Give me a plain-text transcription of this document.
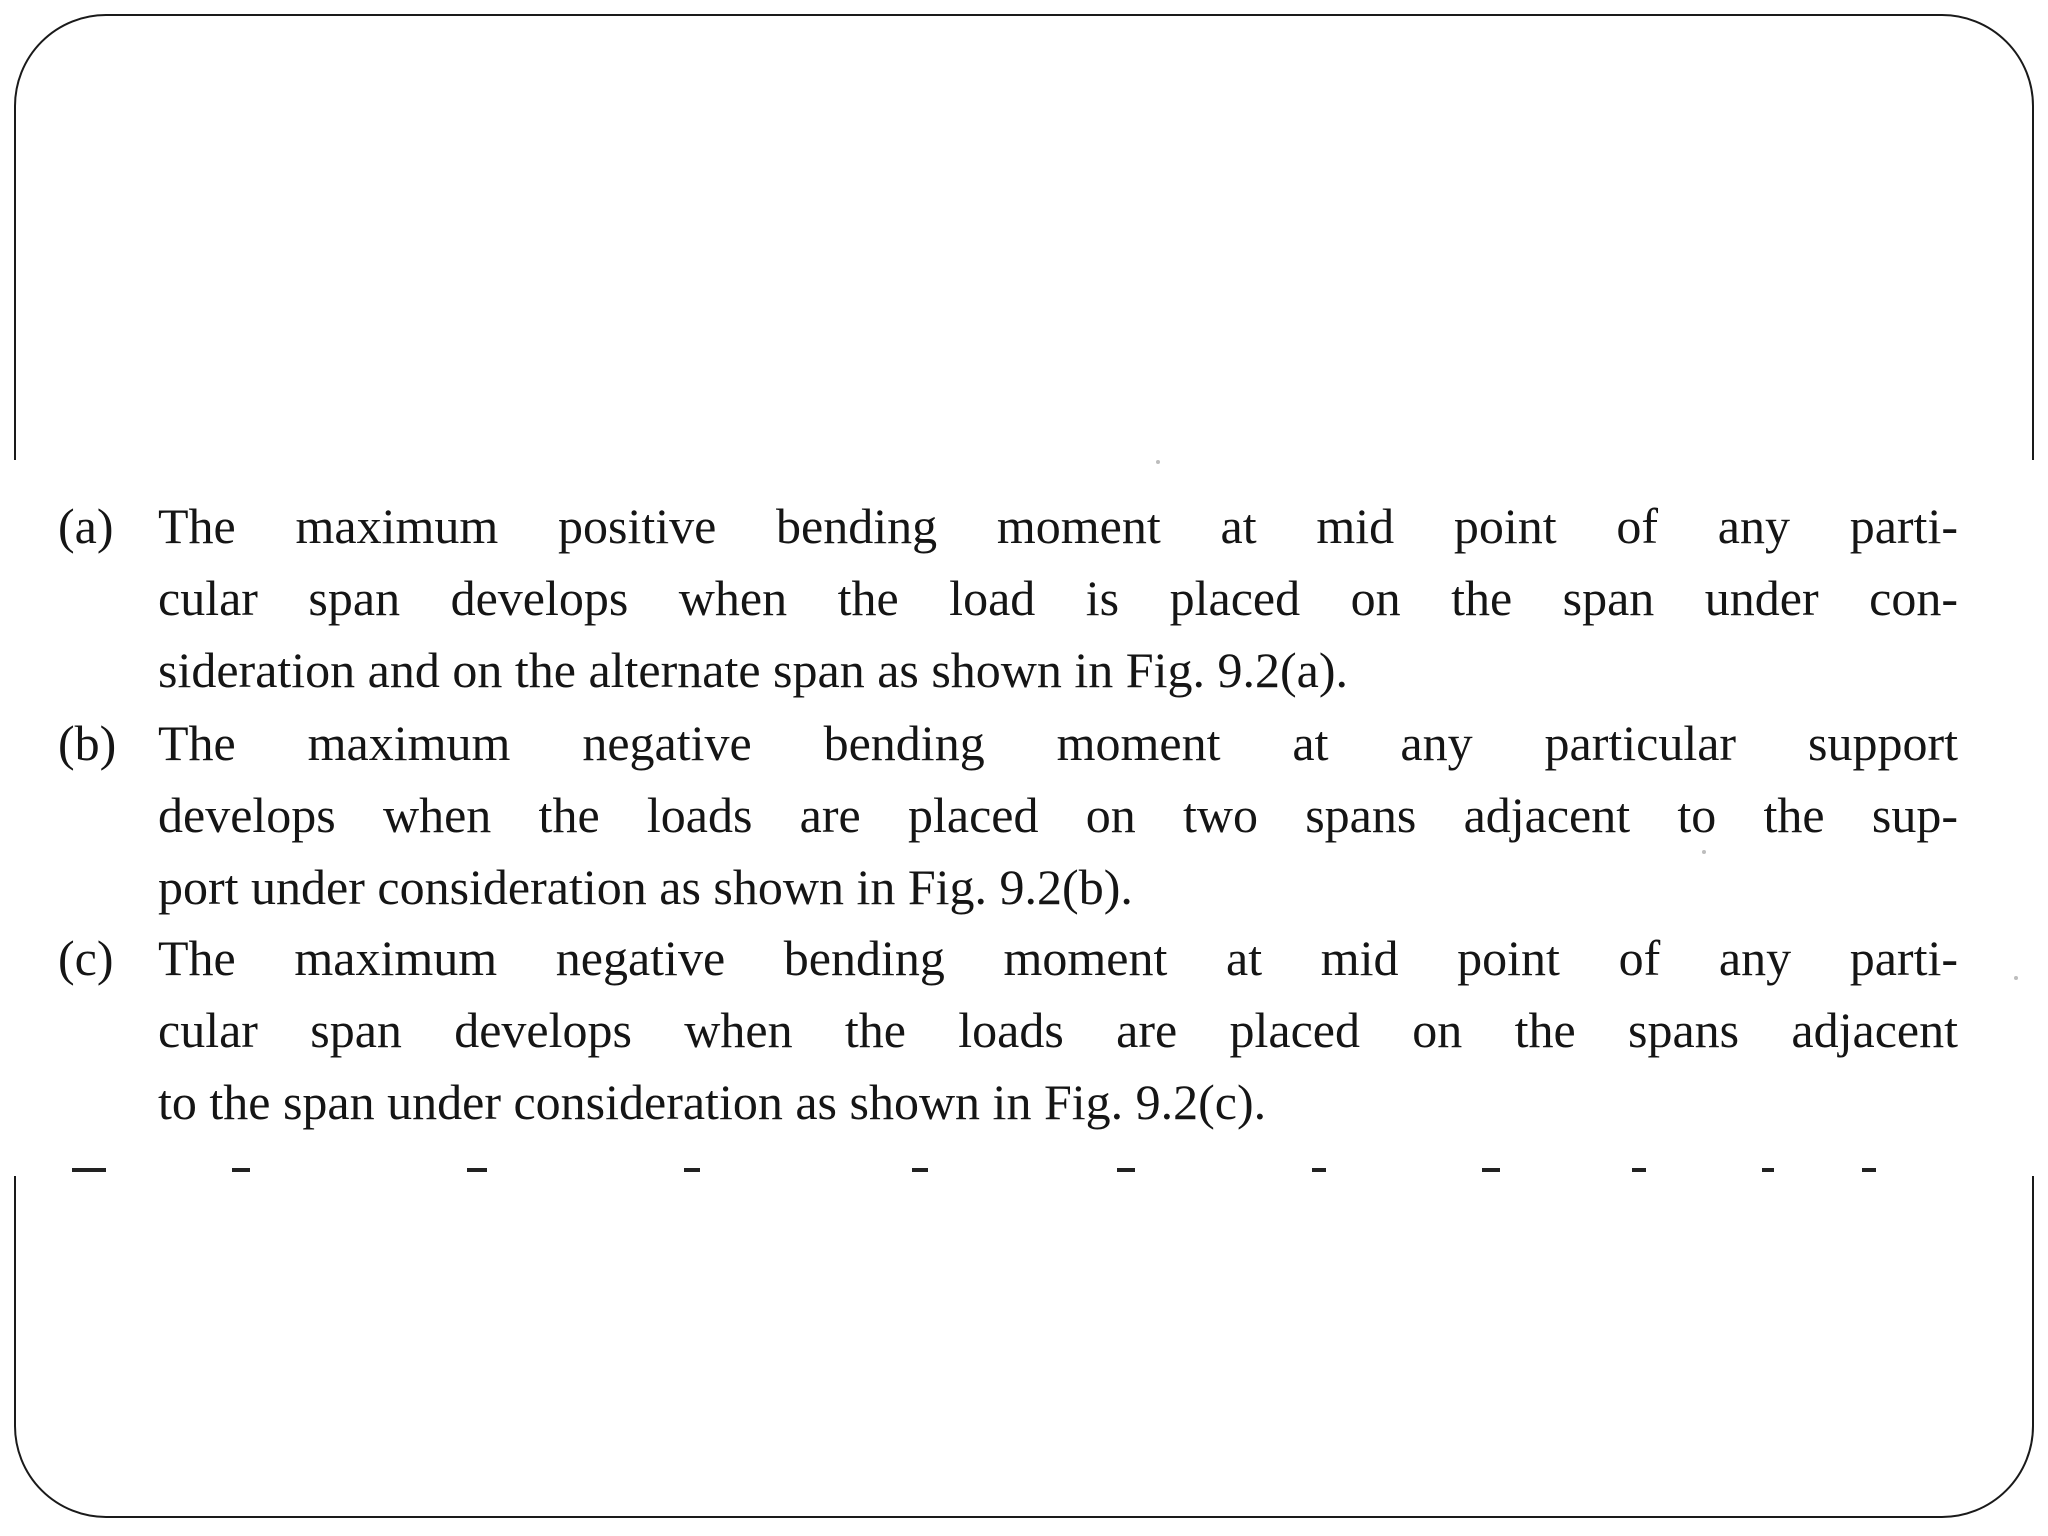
(a) The maximum positive bending moment at mid point of any parti-
cular span develops when the load is placed on the span under con-
sideration and on the alternate span as shown in Fig. 9.2(a).
(b) The maximum negative bending moment at any particular support
develops when the loads are placed on two spans adjacent to the sup-
port under consideration as shown in Fig. 9.2(b).
(c) The maximum negative bending moment at mid point of any parti-
cular span develops when the loads are placed on the spans adjacent
to the span under consideration as shown in Fig. 9.2(c).
